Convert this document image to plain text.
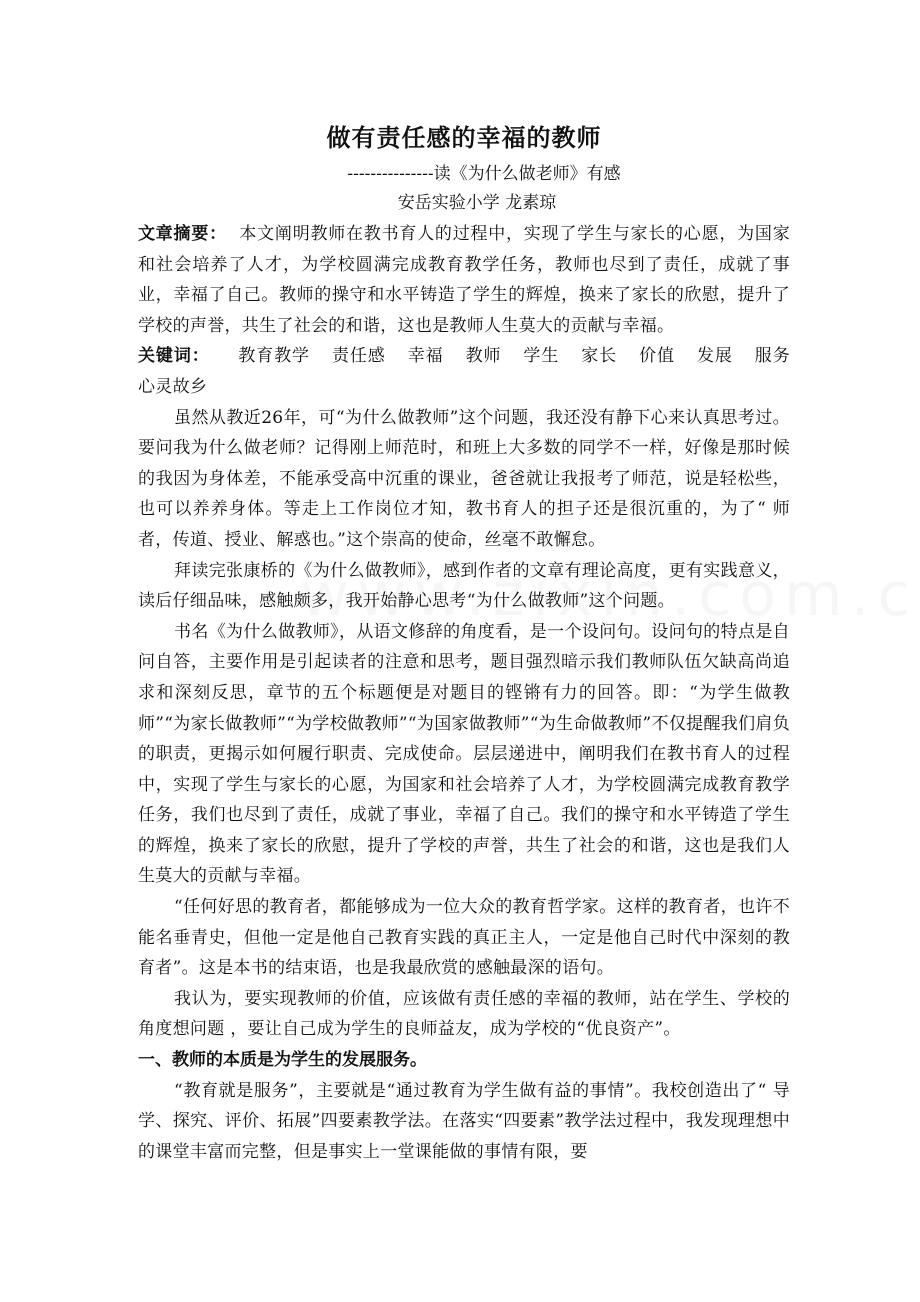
做有责任感的幸福的教师
---------------读《为什么做老师》有感
安岳实验小学 龙素琼

文章摘要： 本文阐明教师在教书育人的过程中，实现了学生与家长的心愿，为国家和社会培养了人才，为学校圆满完成教育教学任务，教师也尽到了责任，成就了事业，幸福了自己。教师的操守和水平铸造了学生的辉煌，换来了家长的欣慰，提升了学校的声誉，共生了社会的和谐，这也是教师人生莫大的贡献与幸福。

关键词： 教育教学 责任感 幸福 教师 学生 家长 价值 发展 服务心灵故乡

虽然从教近26年，可“为什么做教师”这个问题，我还没有静下心来认真思考过。要问我为什么做老师？记得刚上师范时，和班上大多数的同学不一样，好像是那时候的我因为身体差，不能承受高中沉重的课业，爸爸就让我报考了师范，说是轻松些，也可以养养身体。等走上工作岗位才知，教书育人的担子还是很沉重的，为了“ 师者，传道、授业、解惑也。”这个崇高的使命，丝毫不敢懈怠。

拜读完张康桥的《为什么做教师》，感到作者的文章有理论高度，更有实践意义，读后仔细品味，感触颇多，我开始静心思考“为什么做教师”这个问题。

书名《为什么做教师》，从语文修辞的角度看，是一个设问句。设问句的特点是自问自答，主要作用是引起读者的注意和思考，题目强烈暗示我们教师队伍欠缺高尚追求和深刻反思，章节的五个标题便是对题目的铿锵有力的回答。即：“为学生做教师”“为家长做教师”“为学校做教师”“为国家做教师”“为生命做教师”不仅提醒我们肩负的职责，更揭示如何履行职责、完成使命。层层递进中，阐明我们在教书育人的过程中，实现了学生与家长的心愿，为国家和社会培养了人才，为学校圆满完成教育教学任务，我们也尽到了责任，成就了事业，幸福了自己。我们的操守和水平铸造了学生的辉煌，换来了家长的欣慰，提升了学校的声誉，共生了社会的和谐，这也是我们人生莫大的贡献与幸福。

“任何好思的教育者，都能够成为一位大众的教育哲学家。这样的教育者，也许不能名垂青史，但他一定是他自己教育实践的真正主人，一定是他自己时代中深刻的教育者”。这是本书的结束语，也是我最欣赏的感触最深的语句。

我认为，要实现教师的价值，应该做有责任感的幸福的教师，站在学生、学校的角度想问题 ，要让自己成为学生的良师益友，成为学校的“优良资产”。

一、教师的本质是为学生的发展服务。

“教育就是服务”，主要就是“通过教育为学生做有益的事情”。我校创造出了“ 导学、探究、评价、拓展”四要素教学法。在落实“四要素”教学法过程中，我发现理想中的课堂丰富而完整，但是事实上一堂课能做的事情有限，要
